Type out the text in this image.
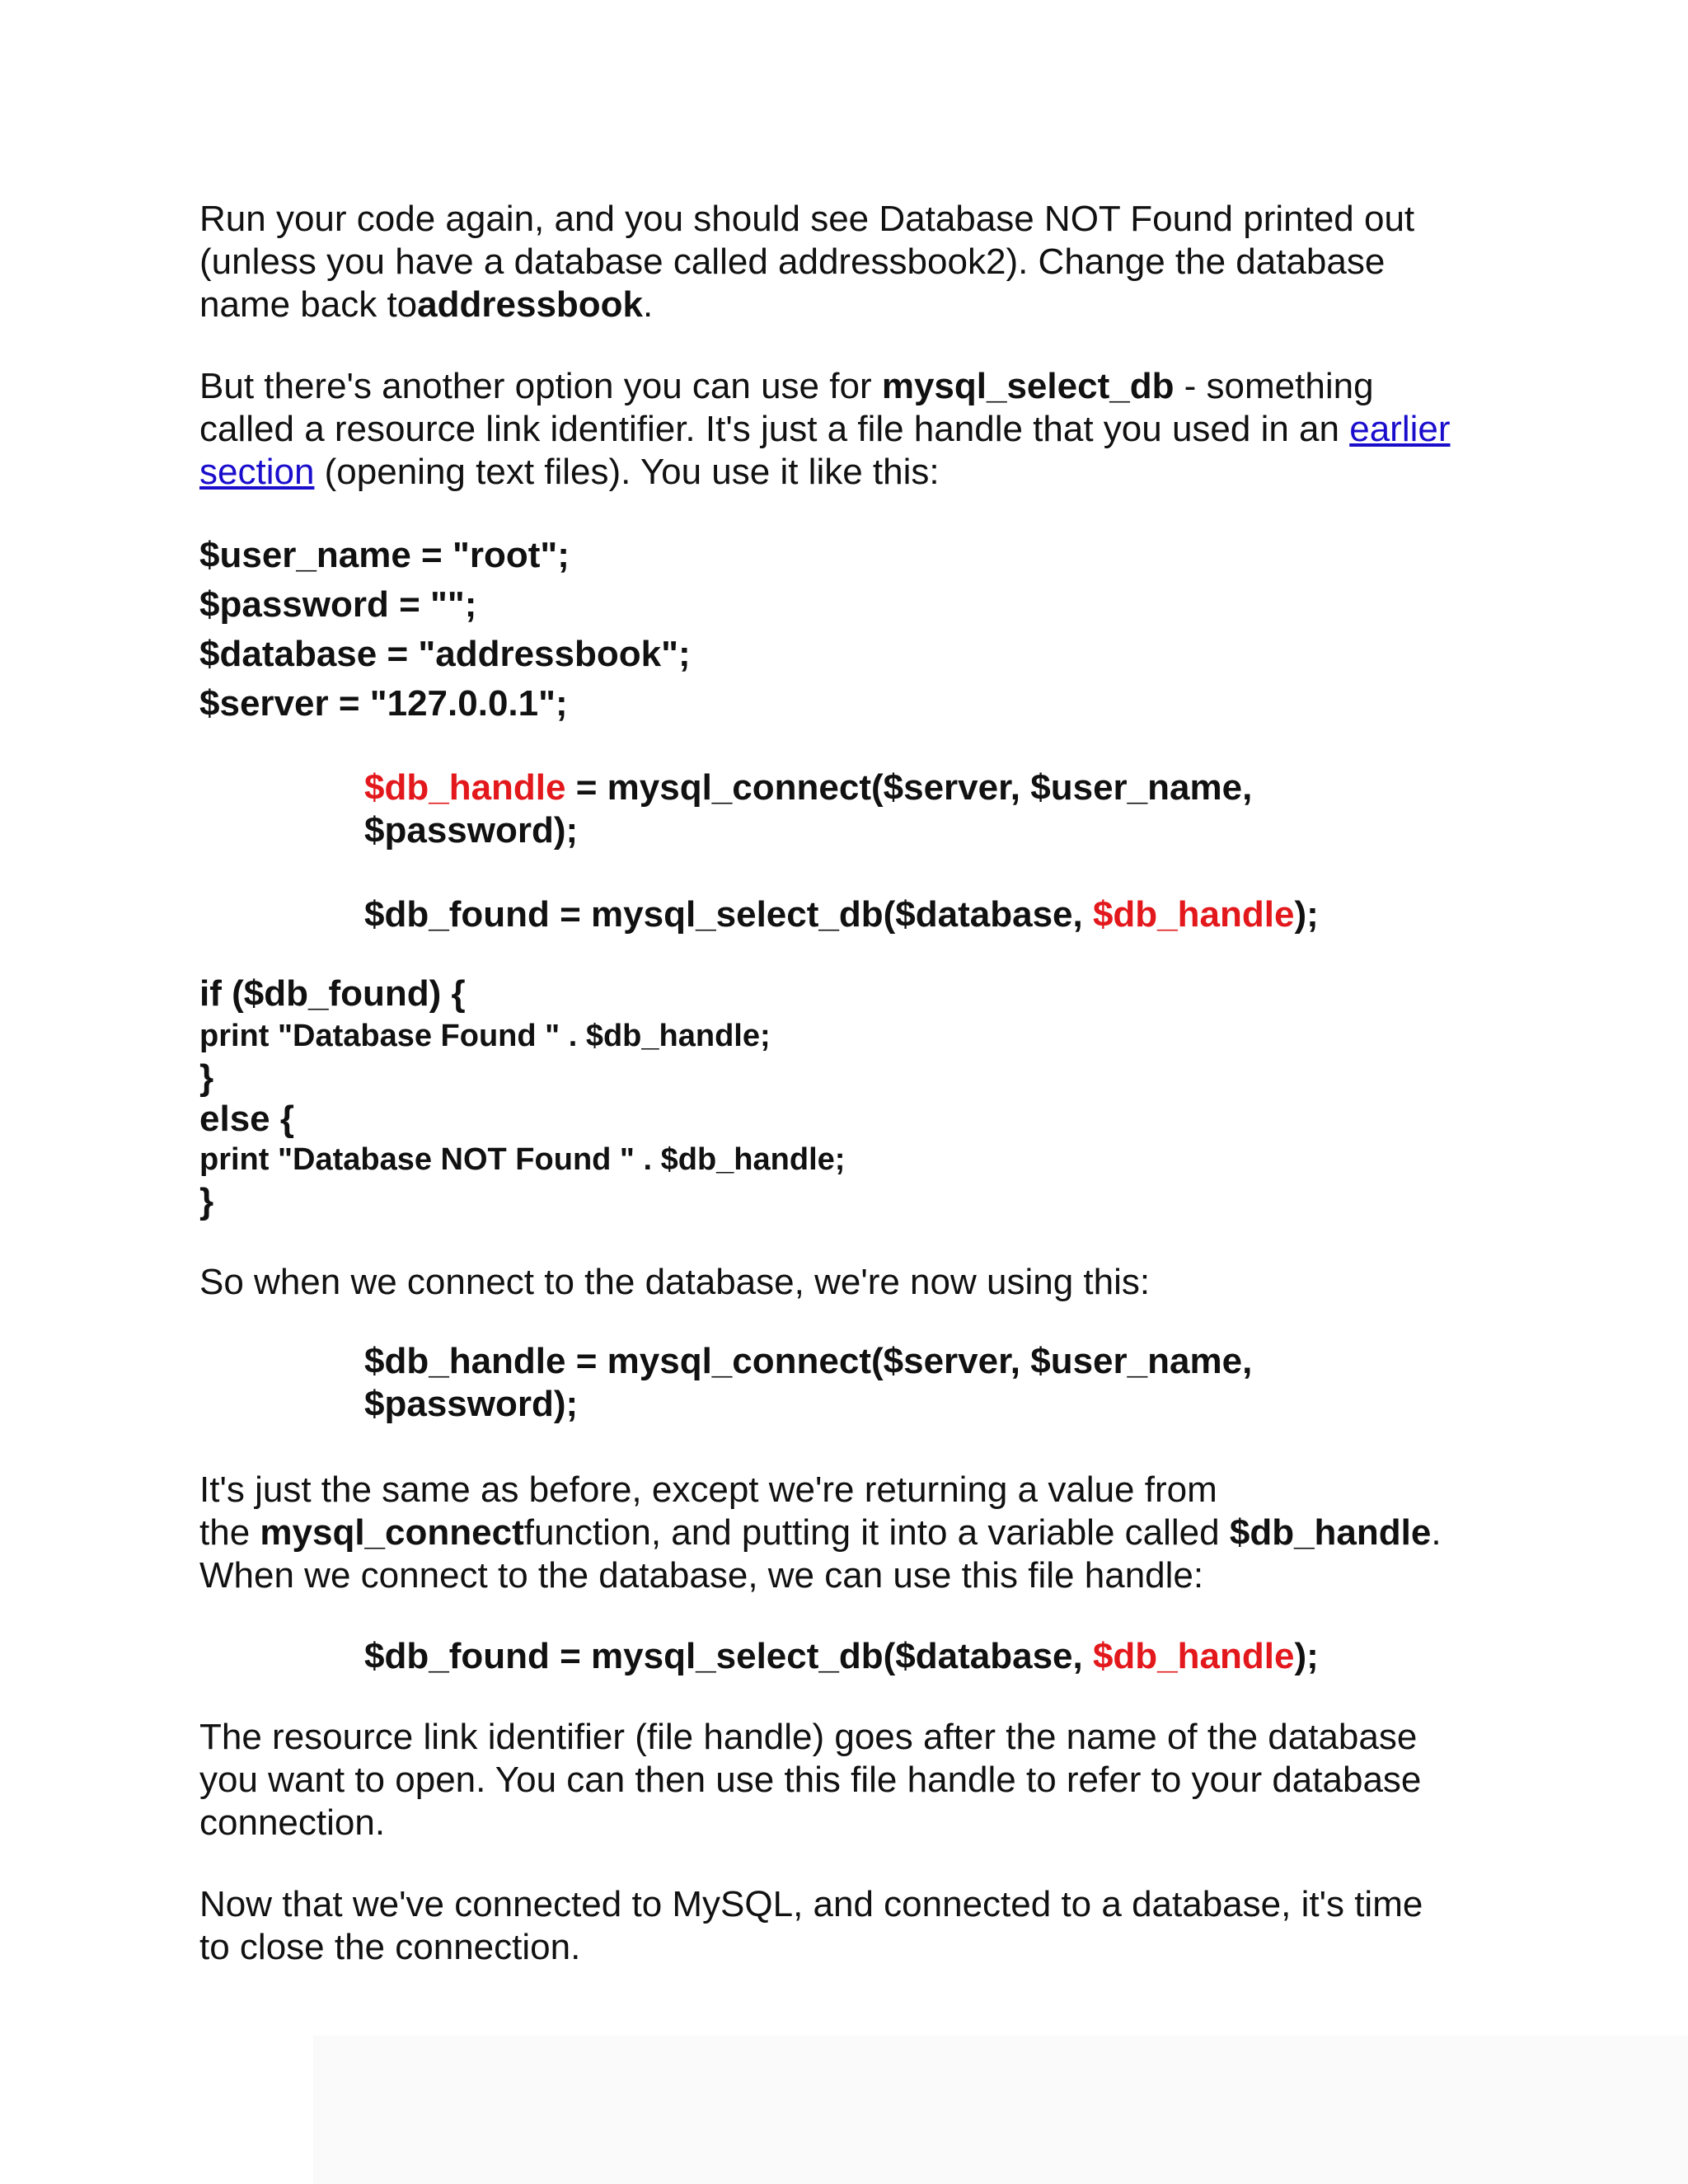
Run your code again, and you should see Database NOT Found printed out
(unless you have a database called addressbook2). Change the database
name back toaddressbook.
But there's another option you can use for mysql_select_db - something
called a resource link identifier. It's just a file handle that you used in an earlier
section (opening text files). You use it like this:
$user_name = "root";
$password = "";
$database = "addressbook";
$server = "127.0.0.1";
$db_handle = mysql_connect($server, $user_name,
$password);
$db_found = mysql_select_db($database, $db_handle);
if ($db_found) {
print "Database Found " . $db_handle;
}
else {
print "Database NOT Found " . $db_handle;
}
So when we connect to the database, we're now using this:
$db_handle = mysql_connect($server, $user_name,
$password);
It's just the same as before, except we're returning a value from
the mysql_connectfunction, and putting it into a variable called $db_handle.
When we connect to the database, we can use this file handle:
$db_found = mysql_select_db($database, $db_handle);
The resource link identifier (file handle) goes after the name of the database
you want to open. You can then use this file handle to refer to your database
connection.
Now that we've connected to MySQL, and connected to a database, it's time
to close the connection.
